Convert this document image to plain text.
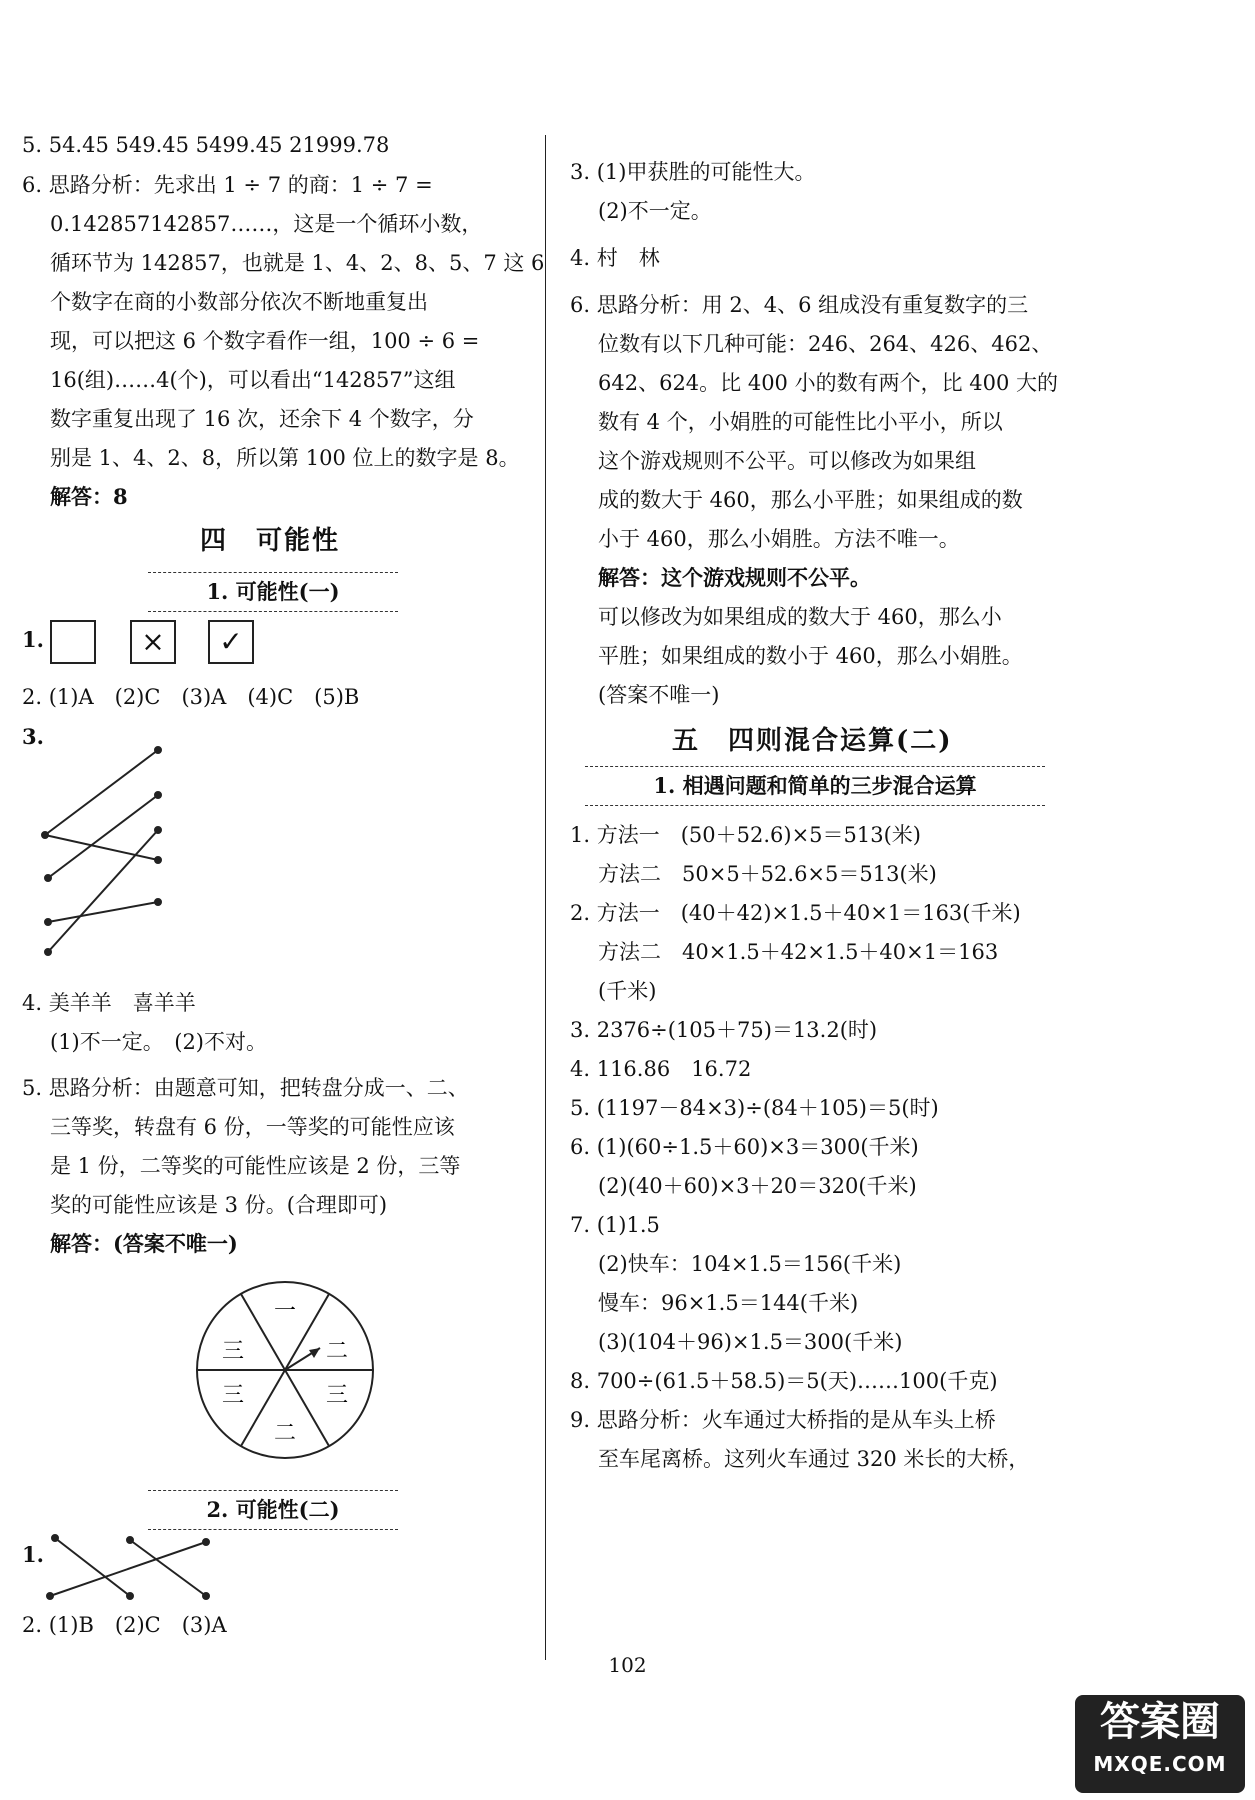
5. 54.45 549.45 5499.45 21999.78
6. 思路分析：先求出 1 ÷ 7 的商：1 ÷ 7 =
0.142857142857……，这是一个循环小数，
循环节为 142857，也就是 1、4、2、8、5、7 这 6
个数字在商的小数部分依次不断地重复出
现，可以把这 6 个数字看作一组，100 ÷ 6 =
16(组)……4(个)，可以看出“142857”这组
数字重复出现了 16 次，还余下 4 个数字，分
别是 1、4、2、8，所以第 100 位上的数字是 8。
解答：8
四　可能性
1. 可能性(一)
1.	×	✓
2. (1)A　(2)C　(3)A　(4)C　(5)B
3.
4. 美羊羊　喜羊羊
(1)不一定。　(2)不对。
5. 思路分析：由题意可知，把转盘分成一、二、
三等奖，转盘有 6 份，一等奖的可能性应该
是 1 份，二等奖的可能性应该是 2 份，三等
奖的可能性应该是 3 份。(合理即可)
解答：(答案不唯一)
一
二
三
二
三
三
2. 可能性(二)
1.
2. (1)B　(2)C　(3)A
3. (1)甲获胜的可能性大。
(2)不一定。
4. 村　林
6. 思路分析：用 2、4、6 组成没有重复数字的三
位数有以下几种可能：246、264、426、462、
642、624。比 400 小的数有两个，比 400 大的
数有 4 个，小娟胜的可能性比小平小，所以
这个游戏规则不公平。可以修改为如果组
成的数大于 460，那么小平胜；如果组成的数
小于 460，那么小娟胜。方法不唯一。
解答：这个游戏规则不公平。
可以修改为如果组成的数大于 460，那么小
平胜；如果组成的数小于 460，那么小娟胜。
(答案不唯一)
五　四则混合运算(二)
1. 相遇问题和简单的三步混合运算
1. 方法一　(50＋52.6)×5＝513(米)
方法二　50×5＋52.6×5＝513(米)
2. 方法一　(40＋42)×1.5＋40×1＝163(千米)
方法二　40×1.5＋42×1.5＋40×1＝163
(千米)
3. 2376÷(105＋75)＝13.2(时)
4. 116.86　16.72
5. (1197－84×3)÷(84＋105)＝5(时)
6. (1)(60÷1.5＋60)×3＝300(千米)
(2)(40＋60)×3＋20＝320(千米)
7. (1)1.5
(2)快车：104×1.5＝156(千米)
慢车：96×1.5＝144(千米)
(3)(104＋96)×1.5＝300(千米)
8. 700÷(61.5＋58.5)＝5(天)……100(千克)
9. 思路分析：火车通过大桥指的是从车头上桥
至车尾离桥。这列火车通过 320 米长的大桥，
102
答案圈
MXQE.COM
